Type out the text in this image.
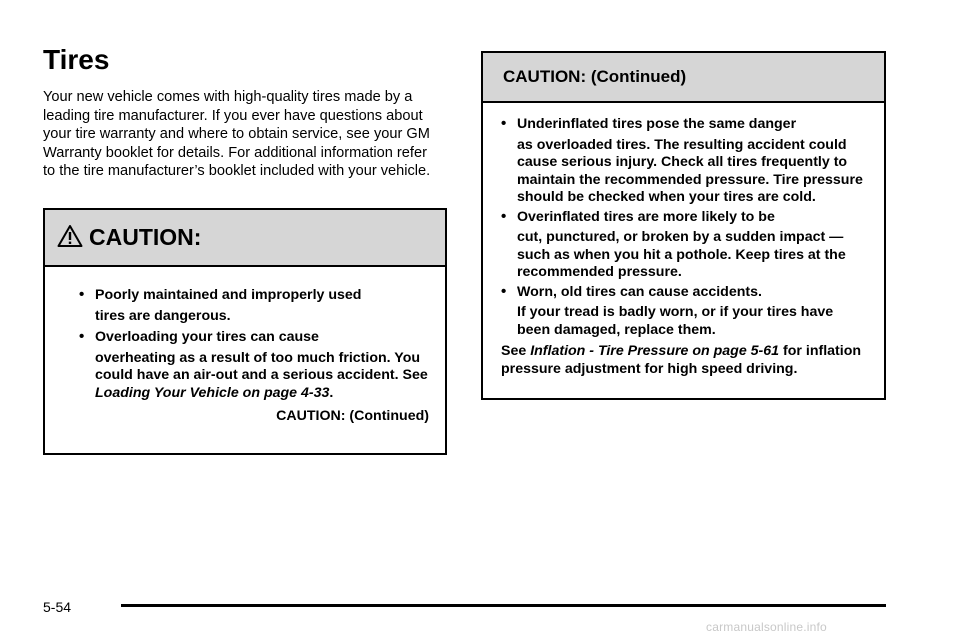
Tires

Your new vehicle comes with high-quality tires made by a leading tire manufacturer. If you ever have questions about your tire warranty and where to obtain service, see your GM Warranty booklet for details. For additional information refer to the tire manufacturer’s booklet included with your vehicle.

CAUTION:
• Poorly maintained and improperly used
tires are dangerous.
• Overloading your tires can cause
overheating as a result of too much friction. You could have an air-out and a serious accident. See Loading Your Vehicle on page 4-33.
CAUTION: (Continued)
CAUTION: (Continued)
• Underinflated tires pose the same danger
as overloaded tires. The resulting accident could cause serious injury. Check all tires frequently to maintain the recommended pressure. Tire pressure should be checked when your tires are cold.
• Overinflated tires are more likely to be
cut, punctured, or broken by a sudden impact — such as when you hit a pothole. Keep tires at the recommended pressure.
• Worn, old tires can cause accidents.
If your tread is badly worn, or if your tires have been damaged, replace them.

See Inflation - Tire Pressure on page 5-61 for inflation pressure adjustment for high speed driving.

5-54
carmanualsonline.info
